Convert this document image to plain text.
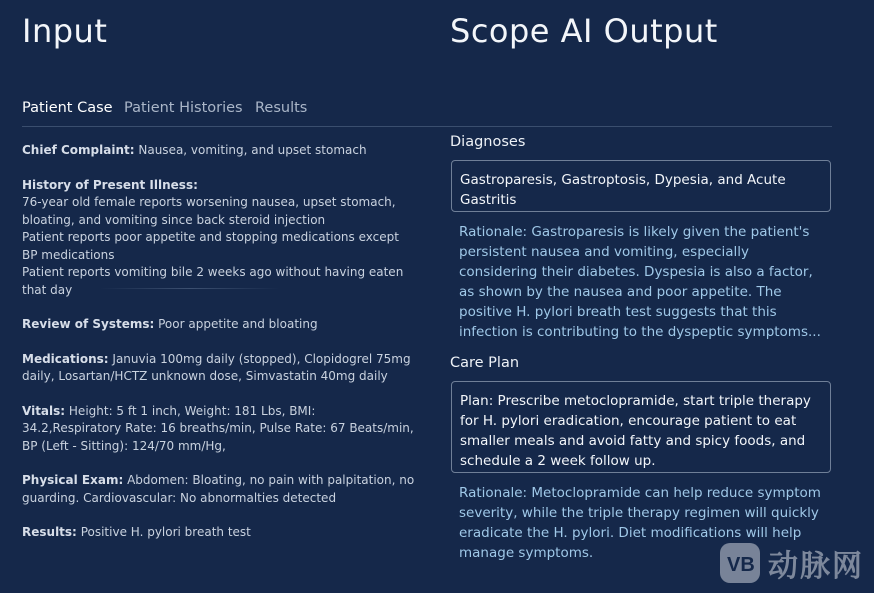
Input	Scope AI Output
Patient Case Patient Histories Results
Chief Complaint: Nausea, vomiting, and upset stomach
History of Present Illness:
76-year old female reports worsening nausea, upset stomach, bloating, and vomiting since back steroid injection
Patient reports poor appetite and stopping medications except BP medications
Patient reports vomiting bile 2 weeks ago without having eaten that day
Review of Systems: Poor appetite and bloating
Medications: Januvia 100mg daily (stopped), Clopidogrel 75mg daily, Losartan/HCTZ unknown dose, Simvastatin 40mg daily
Vitals: Height: 5 ft 1 inch, Weight: 181 Lbs, BMI: 34.2,Respiratory Rate: 16 breaths/min, Pulse Rate: 67 Beats/min, BP (Left - Sitting): 124/70 mm/Hg,
Physical Exam: Abdomen: Bloating, no pain with palpitation, no guarding. Cardiovascular: No abnormalties detected
Results: Positive H. pylori breath test
Diagnoses
Gastroparesis, Gastroptosis, Dypesia, and Acute Gastritis
Rationale: Gastroparesis is likely given the patient's persistent nausea and vomiting, especially considering their diabetes. Dyspesia is also a factor, as shown by the nausea and poor appetite. The positive H. pylori breath test suggests that this infection is contributing to the dyspeptic symptoms...
Care Plan
Plan: Prescribe metoclopramide, start triple therapy for H. pylori eradication, encourage patient to eat smaller meals and avoid fatty and spicy foods, and schedule a 2 week follow up.
Rationale: Metoclopramide can help reduce symptom severity, while the triple therapy regimen will quickly eradicate the H. pylori. Diet modifications will help manage symptoms.
VB 动脉网
